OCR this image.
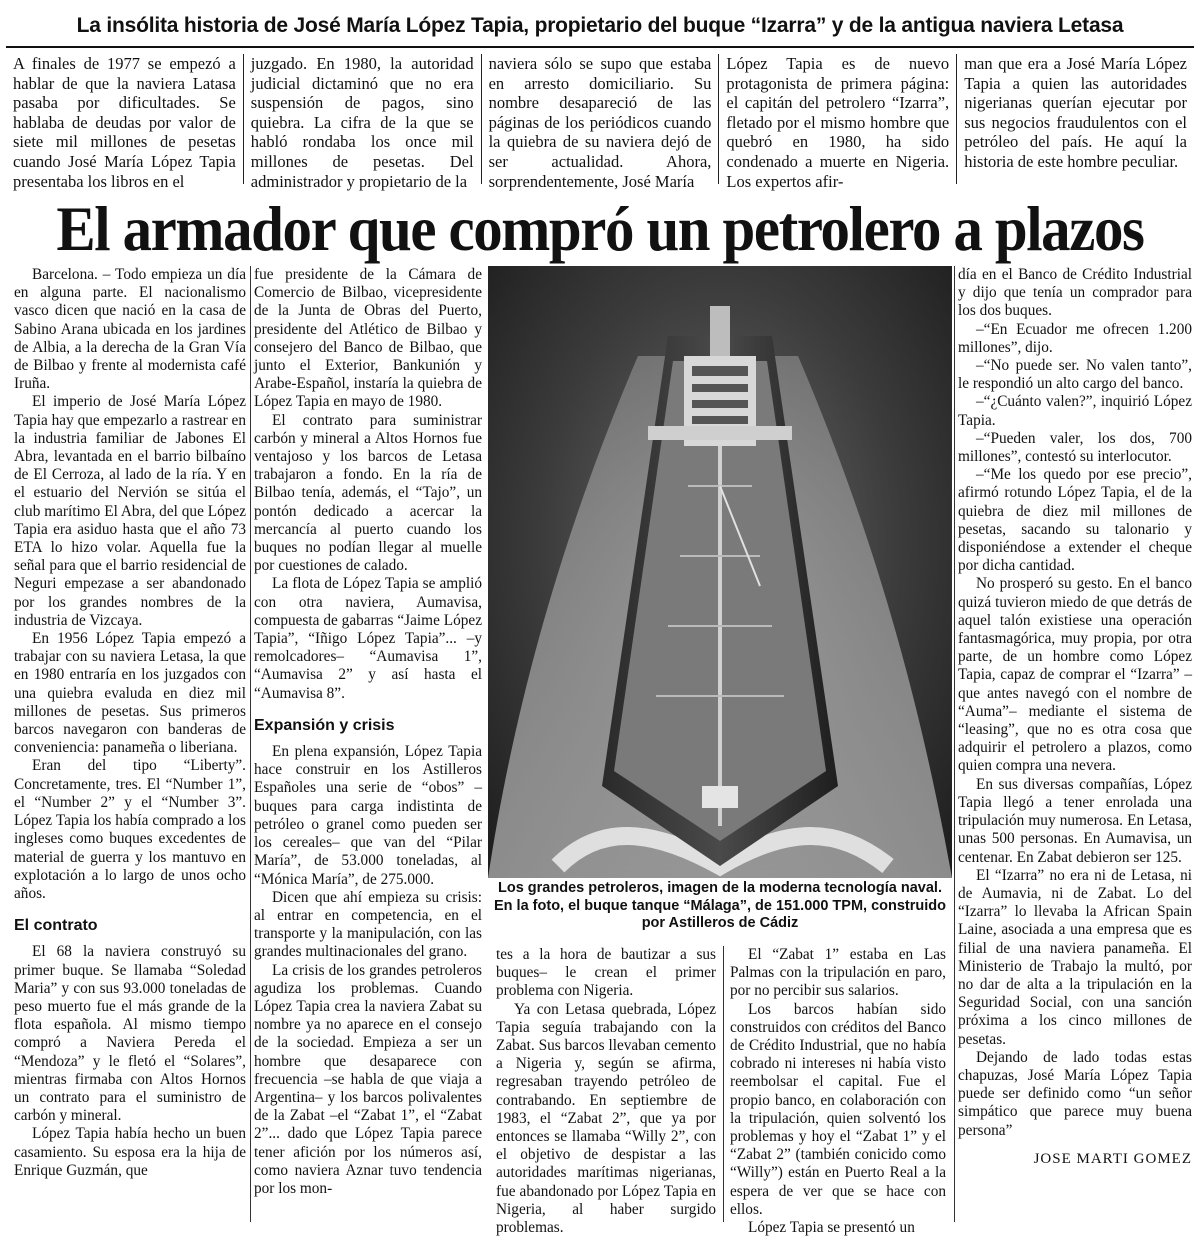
La insólita historia de José María López Tapia, propietario del buque “Izarra” y de la antigua naviera Letasa
A finales de 1977 se empezó a hablar de que la naviera Latasa pasaba por dificultades. Se hablaba de deudas por valor de siete mil millones de pesetas cuando José María López Tapia presentaba los libros en el
juzgado. En 1980, la autoridad judicial dictaminó que no era suspensión de pagos, sino quiebra. La cifra de la que se habló rondaba los once mil millones de pesetas. Del administrador y propietario de la
naviera sólo se supo que estaba en arresto domiciliario. Su nombre desapareció de las páginas de los periódicos cuando la quiebra de su naviera dejó de ser actualidad. Ahora, sorprendentemente, José María
López Tapia es de nuevo protagonista de primera página: el capitán del petrolero “Izarra”, fletado por el mismo hombre que quebró en 1980, ha sido condenado a muerte en Nigeria. Los expertos afir-
man que era a José María López Tapia a quien las autoridades nigerianas querían ejecutar por sus negocios fraudulentos con el petróleo del país. He aquí la historia de este hombre peculiar.
El armador que compró un petrolero a plazos

Barcelona. – Todo empieza un día en alguna parte. El nacionalismo vasco dicen que nació en la casa de Sabino Arana ubicada en los jardines de Albia, a la derecha de la Gran Vía de Bilbao y frente al modernista café Iruña.

El imperio de José María López Tapia hay que empezarlo a rastrear en la industria familiar de Jabones El Abra, levantada en el barrio bilbaíno de El Cerroza, al lado de la ría. Y en el estuario del Nervión se sitúa el club marítimo El Abra, del que López Tapia era asiduo hasta que el año 73 ETA lo hizo volar. Aquella fue la señal para que el barrio residencial de Neguri empezase a ser abandonado por los grandes nombres de la industria de Vizcaya.

En 1956 López Tapia empezó a trabajar con su naviera Letasa, la que en 1980 entraría en los juzgados con una quiebra evaluda en diez mil millones de pesetas. Sus primeros barcos navegaron con banderas de conveniencia: panameña o liberiana.

Eran del tipo “Liberty”. Concretamente, tres. El “Number 1”, el “Number 2” y el “Number 3”. López Tapia los había comprado a los ingleses como buques excedentes de material de guerra y los mantuvo en explotación a lo largo de unos ocho años.

El contrato

El 68 la naviera construyó su primer buque. Se llamaba “Soledad Maria” y con sus 93.000 toneladas de peso muerto fue el más grande de la flota española. Al mismo tiempo compró a Naviera Pereda el “Mendoza” y le fletó el “Solares”, mientras firmaba con Altos Hornos un contrato para el suministro de carbón y mineral.

López Tapia había hecho un buen casamiento. Su esposa era la hija de Enrique Guzmán, que

fue presidente de la Cámara de Comercio de Bilbao, vicepresidente de la Junta de Obras del Puerto, presidente del Atlético de Bilbao y consejero del Banco de Bilbao, que junto el Exterior, Bankunión y Arabe-Español, instaría la quiebra de López Tapia en mayo de 1980.

El contrato para suministrar carbón y mineral a Altos Hornos fue ventajoso y los barcos de Letasa trabajaron a fondo. En la ría de Bilbao tenía, además, el “Tajo”, un pontón dedicado a acercar la mercancía al puerto cuando los buques no podían llegar al muelle por cuestiones de calado.

La flota de López Tapia se amplió con otra naviera, Aumavisa, compuesta de gabarras “Jaime López Tapia”, “Iñigo López Tapia”... –y remolcadores– “Aumavisa 1”, “Aumavisa 2” y así hasta el “Aumavisa 8”.

Expansión y crisis

En plena expansión, López Tapia hace construir en los Astilleros Españoles una serie de “obos” –buques para carga indistinta de petróleo o granel como pueden ser los cereales– que van del “Pilar María”, de 53.000 toneladas, al “Mónica María”, de 275.000.

Dicen que ahí empieza su crisis: al entrar en competencia, en el transporte y la manipulación, con las grandes multinacionales del grano.

La crisis de los grandes petroleros agudiza los problemas. Cuando López Tapia crea la naviera Zabat su nombre ya no aparece en el consejo de la sociedad. Empieza a ser un hombre que desaparece con frecuencia –se habla de que viaja a Argentina– y los barcos polivalentes de la Zabat –el “Zabat 1”, el “Zabat 2”... dado que López Tapia parece tener afición por los números así, como naviera Aznar tuvo tendencia por los mon-

Los grandes petroleros, imagen de la moderna tecnología naval. En la foto, el buque tanque “Málaga”, de 151.000 TPM, construido por Astilleros de Cádiz

tes a la hora de bautizar a sus buques– le crean el primer problema con Nigeria.

Ya con Letasa quebrada, López Tapia seguía trabajando con la Zabat. Sus barcos llevaban cemento a Nigeria y, según se afirma, regresaban trayendo petróleo de contrabando. En septiembre de 1983, el “Zabat 2”, que ya por entonces se llamaba “Willy 2”, con el objetivo de despistar a las autoridades marítimas nigerianas, fue abandonado por López Tapia en Nigeria, al haber surgido problemas.

El “Zabat 1” estaba en Las Palmas con la tripulación en paro, por no percibir sus salarios.

Los barcos habían sido construidos con créditos del Banco de Crédito Industrial, que no había cobrado ni intereses ni había visto reembolsar el capital. Fue el propio banco, en colaboración con la tripulación, quien solventó los problemas y hoy el “Zabat 1” y el “Zabat 2” (también conicido como “Willy”) están en Puerto Real a la espera de ver que se hace con ellos.

López Tapia se presentó un

día en el Banco de Crédito Industrial y dijo que tenía un comprador para los dos buques.

–“En Ecuador me ofrecen 1.200 millones”, dijo.

–“No puede ser. No valen tanto”, le respondió un alto cargo del banco.

–“¿Cuánto valen?”, inquirió López Tapia.

–“Pueden valer, los dos, 700 millones”, contestó su interlocutor.

–“Me los quedo por ese precio”, afirmó rotundo López Tapia, el de la quiebra de diez mil millones de pesetas, sacando su talonario y disponiéndose a extender el cheque por dicha cantidad.

No prosperó su gesto. En el banco quizá tuvieron miedo de que detrás de aquel talón existiese una operación fantasmagórica, muy propia, por otra parte, de un hombre como López Tapia, capaz de comprar el “Izarra” –que antes navegó con el nombre de “Auma”– mediante el sistema de “leasing”, que no es otra cosa que adquirir el petrolero a plazos, como quien compra una nevera.

En sus diversas compañías, López Tapia llegó a tener enrolada una tripulación muy numerosa. En Letasa, unas 500 personas. En Aumavisa, un centenar. En Zabat debieron ser 125.

El “Izarra” no era ni de Letasa, ni de Aumavia, ni de Zabat. Lo del “Izarra” lo llevaba la African Spain Laine, asociada a una empresa que es filial de una naviera panameña. El Ministerio de Trabajo la multó, por no dar de alta a la tripulación en la Seguridad Social, con una sanción próxima a los cinco millones de pesetas.

Dejando de lado todas estas chapuzas, José María López Tapia puede ser definido como “un señor simpático que parece muy buena persona”

JOSE MARTI GOMEZ
